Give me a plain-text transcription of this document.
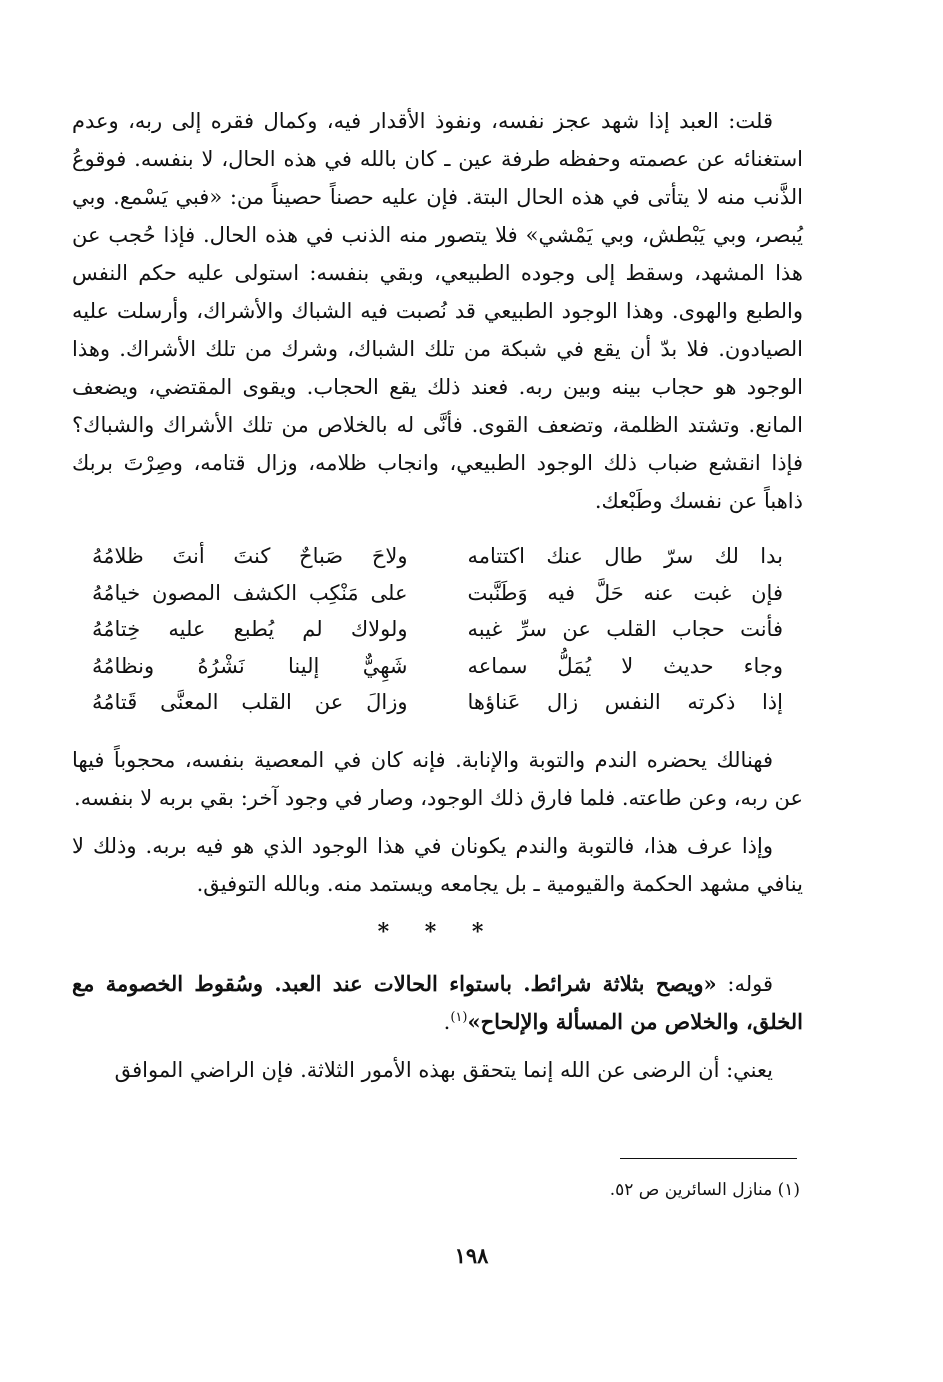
قلت: العبد إذا شهد عجز نفسه، ونفوذ الأقدار فيه، وكمال فقره إلى ربه، وعدم استغنائه عن عصمته وحفظه طرفة عين ـ كان بالله في هذه الحال، لا بنفسه. فوقوعُ الذَّنب منه لا يتأتى في هذه الحال البتة. فإن عليه حصناً حصيناً من: «فبي يَسْمع. وبي يُبصر، وبي يَبْطش، وبي يَمْشي» فلا يتصور منه الذنب في هذه الحال. فإذا حُجب عن هذا المشهد، وسقط إلى وجوده الطبيعي، وبقي بنفسه: استولى عليه حكم النفس والطبع والهوى. وهذا الوجود الطبيعي قد نُصبت فيه الشباك والأشراك، وأرسلت عليه الصيادون. فلا بدّ أن يقع في شبكة من تلك الشباك، وشرك من تلك الأشراك. وهذا الوجود هو حجاب بينه وبين ربه. فعند ذلك يقع الحجاب. ويقوى المقتضي، ويضعف المانع. وتشتد الظلمة، وتضعف القوى. فأنَّى له بالخلاص من تلك الأشراك والشباك؟ فإذا انقشع ضباب ذلك الوجود الطبيعي، وانجاب ظلامه، وزال قتامه، وصِرْتَ بربك ذاهباً عن نفسك وطَبْعك.

بدا لك سرّ طال عنك اكتتامه
ولاحَ صَباحٌ كنتَ أنتَ ظلامُهُ
فإن غبت عنه حَلَّ فيه وَطَنَّبت
على مَنْكِب الكشف المصون خيامُهُ
فأنت حجاب القلب عن سرِّ غيبه
ولولاك لم يُطبع عليه خِتامُهُ
وجاء حديث لا يُمَلُّ سماعه
شَهِيٌّ إلينا نَشْرُهُ ونظامُهُ
إذا ذكرته النفس زال عَناؤها
وزالَ عن القلب المعنَّى قَتامُهُ

فهنالك يحضره الندم والتوبة والإنابة. فإنه كان في المعصية بنفسه، محجوباً فيها عن ربه، وعن طاعته. فلما فارق ذلك الوجود، وصار في وجود آخر: بقي بربه لا بنفسه.

وإذا عرف هذا، فالتوبة والندم يكونان في هذا الوجود الذي هو فيه بربه. وذلك لا ينافي مشهد الحكمة والقيومية ـ بل يجامعه ويستمد منه. وبالله التوفيق.

* * *

قوله: «ويصح بثلاثة شرائط. باستواء الحالات عند العبد. وسُقوط الخصومة مع الخلق، والخلاص من المسألة والإلحاح»$^{(١)}$.

يعني: أن الرضى عن الله إنما يتحقق بهذه الأمور الثلاثة. فإن الراضي الموافق

(١) منازل السائرين ص ٥٢.
١٩٨
